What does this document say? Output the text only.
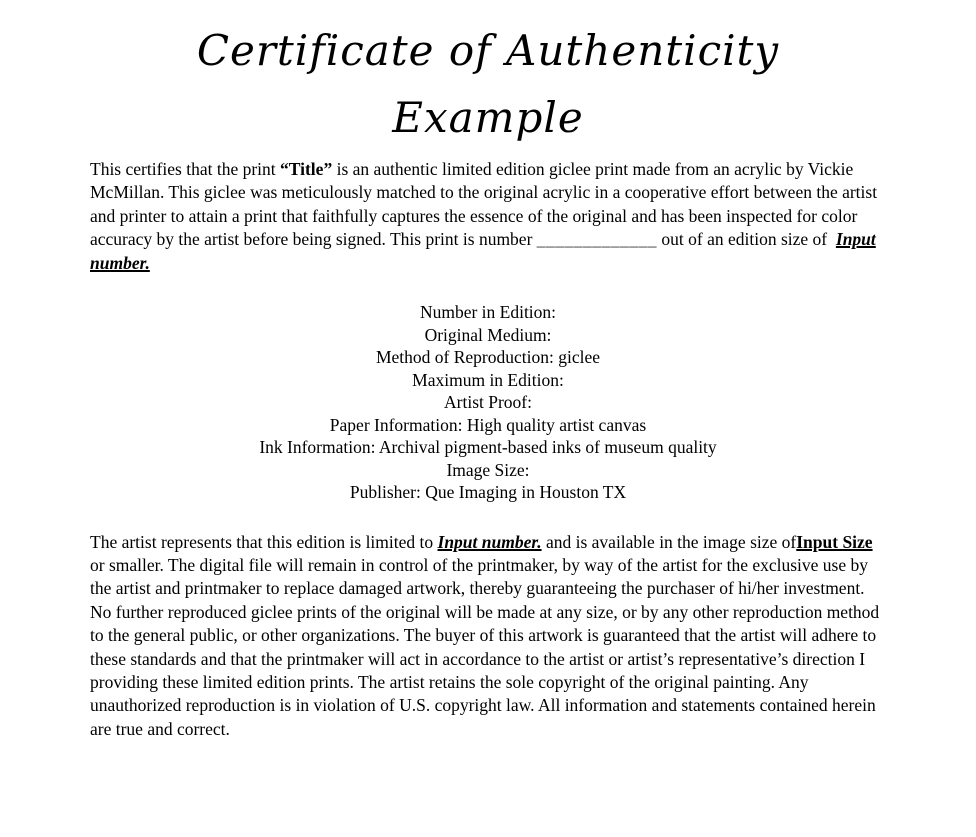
Certificate of Authenticity
Example
This certifies that the print “Title” is an authentic limited edition giclee print made from an acrylic by Vickie McMillan. This giclee was meticulously matched to the original acrylic in a cooperative effort between the artist and printer to attain a print that faithfully captures the essence of the original and has been inspected for color accuracy by the artist before being signed. This print is number _____________ out of an edition size of  Input number.
Number in Edition:
Original Medium:
Method of Reproduction: giclee
Maximum in Edition:
Artist Proof:
Paper Information: High quality artist canvas
Ink Information: Archival pigment-based inks of museum quality
Image Size:
Publisher: Que Imaging in Houston TX
The artist represents that this edition is limited to Input number. and is available in the image size ofInput Size or smaller. The digital file will remain in control of the printmaker, by way of the artist for the exclusive use by the artist and printmaker to replace damaged artwork, thereby guaranteeing the purchaser of hi/her investment. No further reproduced giclee prints of the original will be made at any size, or by any other reproduction method to the general public, or other organizations. The buyer of this artwork is guaranteed that the artist will adhere to these standards and that the printmaker will act in accordance to the artist or artist’s representative’s direction I providing these limited edition prints. The artist retains the sole copyright of the original painting. Any unauthorized reproduction is in violation of U.S. copyright law. All information and statements contained herein are true and correct.
